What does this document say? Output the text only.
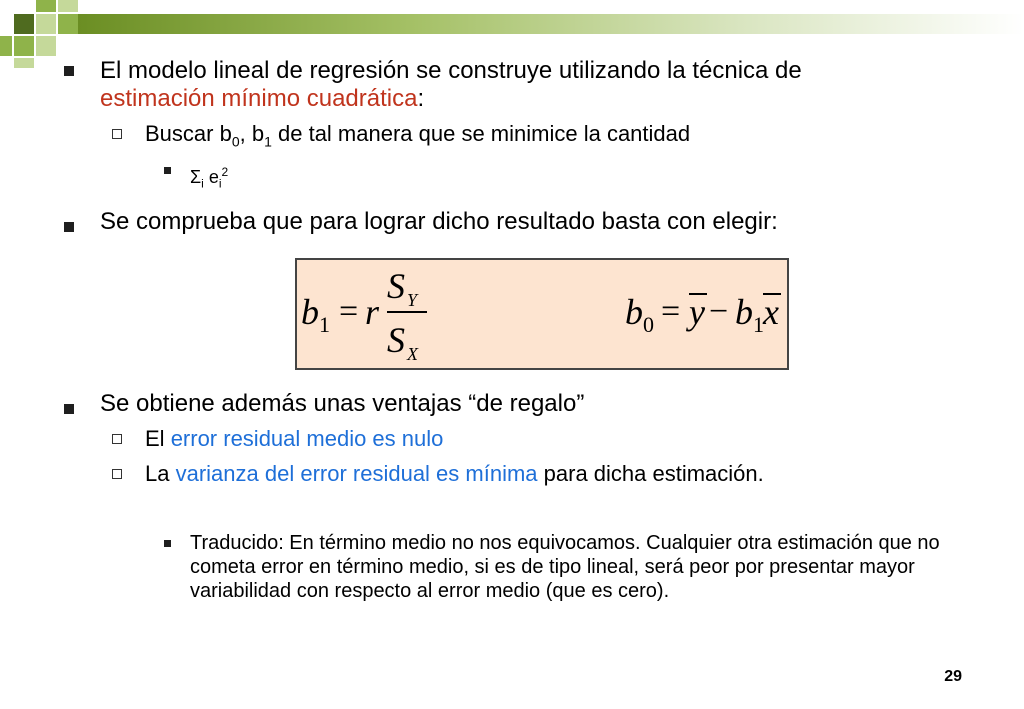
El modelo lineal de regresión se construye utilizando la técnica de
estimación mínimo cuadrática:
Buscar $b_0$, $b_1$ de tal manera que se minimice la cantidad
$\Sigma_i$ $e_i^2$
Se comprueba que para lograr dicho resultado basta con elegir:
b 1 = r
S Y
S X
b 0 = y − b 1 x
Se obtiene además unas ventajas “de regalo”
El error residual medio es nulo
La varianza del error residual es mínima para dicha estimación.
Traducido: En término medio no nos equivocamos. Cualquier otra estimación que no cometa error en término medio, si es de tipo lineal, será peor por presentar mayor variabilidad con respecto al error medio (que es cero).
29
